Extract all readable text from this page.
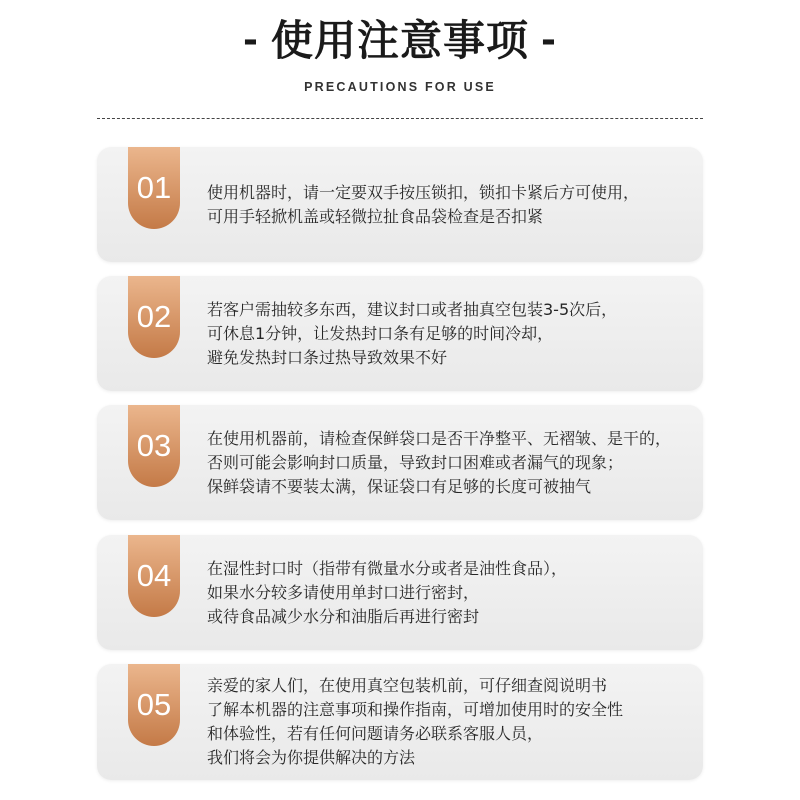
- 使用注意事项 -
PRECAUTIONS FOR USE
01	使用机器时，请一定要双手按压锁扣，锁扣卡紧后方可使用，
可用手轻掀机盖或轻微拉扯食品袋检查是否扣紧
02	若客户需抽较多东西，建议封口或者抽真空包装3-5次后，
可休息1分钟，让发热封口条有足够的时间冷却，
避免发热封口条过热导致效果不好
03	在使用机器前，请检查保鲜袋口是否干净整平、无褶皱、是干的，
否则可能会影响封口质量，导致封口困难或者漏气的现象；
保鲜袋请不要装太满，保证袋口有足够的长度可被抽气
04	在湿性封口时（指带有微量水分或者是油性食品），
如果水分较多请使用单封口进行密封，
或待食品减少水分和油脂后再进行密封
05
亲爱的家人们，在使用真空包装机前，可仔细查阅说明书
了解本机器的注意事项和操作指南，可增加使用时的安全性
和体验性，若有任何问题请务必联系客服人员，
我们将会为你提供解决的方法
